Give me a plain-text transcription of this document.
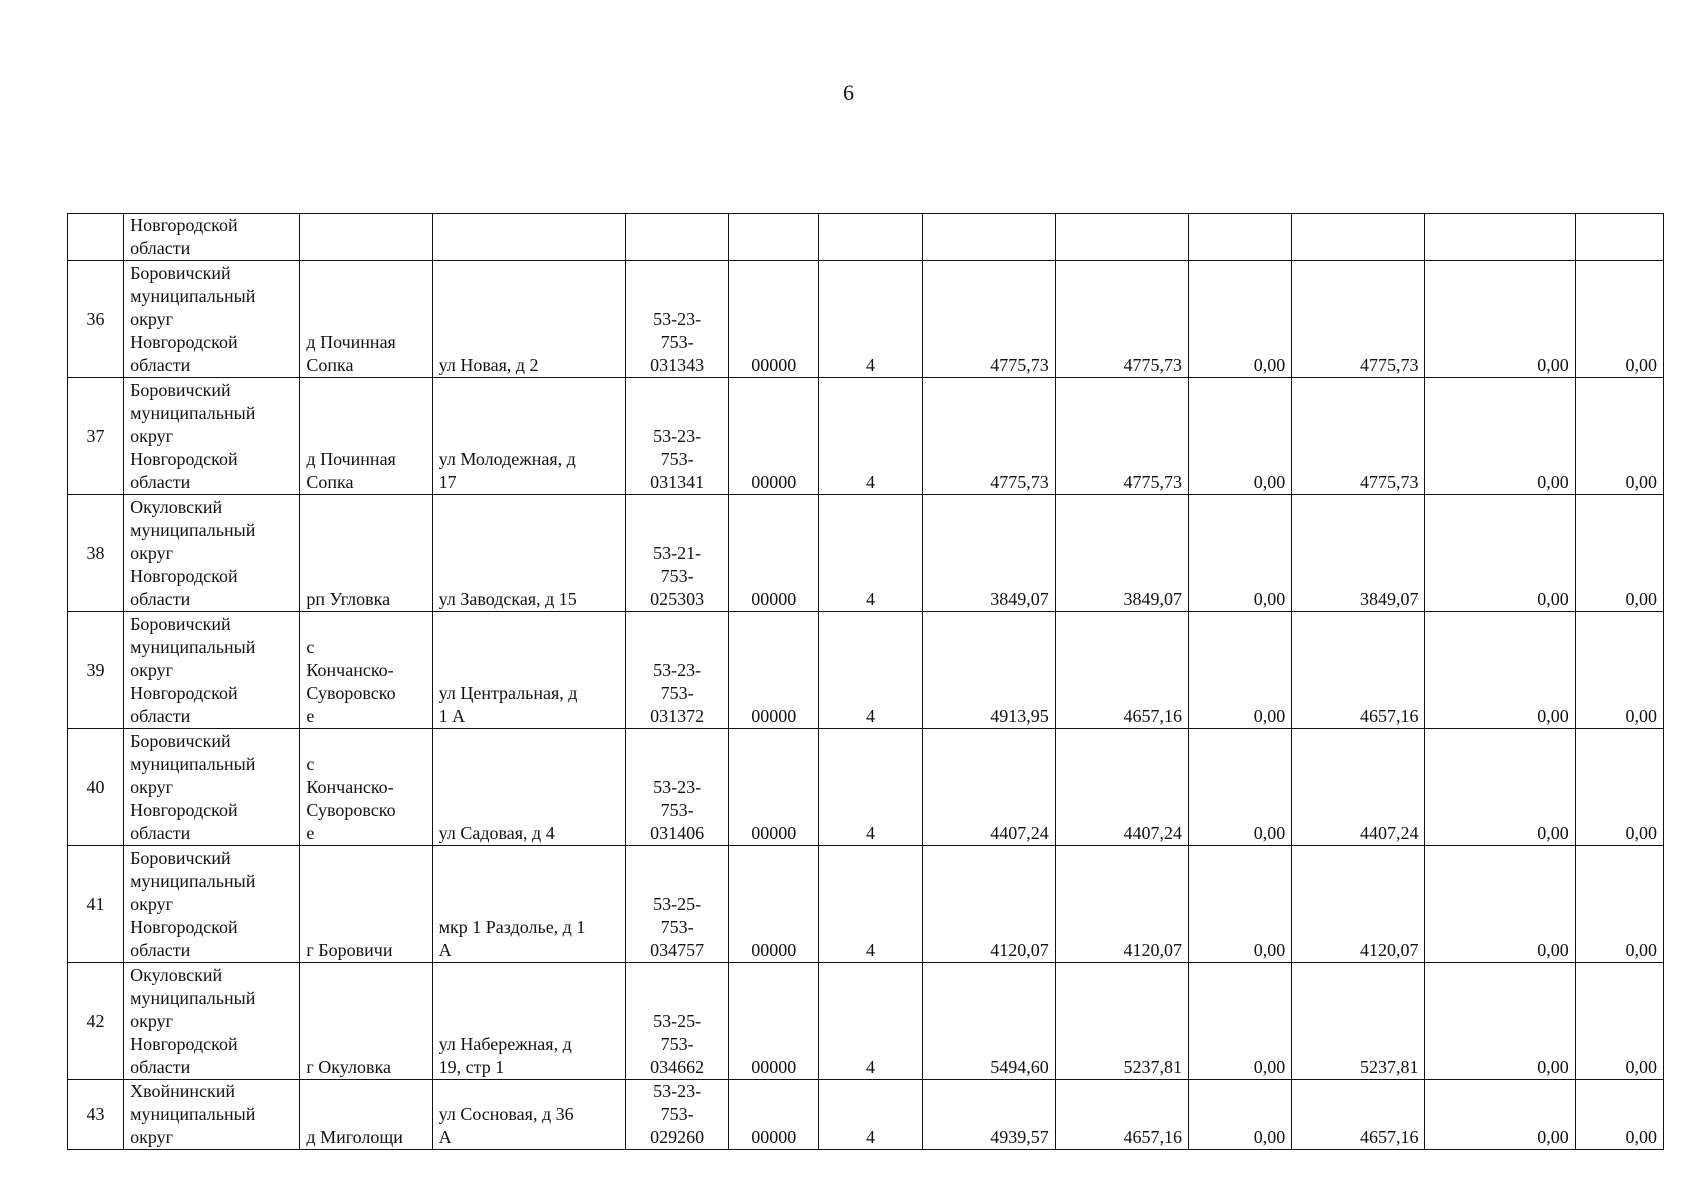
6
	Новгородской
области											
36	Боровичский
муниципальный
округ
Новгородской
области	д Починная
Сопка	ул Новая, д 2	53-23-
753-
031343	00000	4	4775,73	4775,73	0,00	4775,73	0,00	0,00
37	Боровичский
муниципальный
округ
Новгородской
области	д Починная
Сопка	ул Молодежная, д
17	53-23-
753-
031341	00000	4	4775,73	4775,73	0,00	4775,73	0,00	0,00
38	Окуловский
муниципальный
округ
Новгородской
области	рп Угловка	ул Заводская, д 15	53-21-
753-
025303	00000	4	3849,07	3849,07	0,00	3849,07	0,00	0,00
39	Боровичский
муниципальный
округ
Новгородской
области	с
Кончанско-
Суворовско
е	ул Центральная, д
1 А	53-23-
753-
031372	00000	4	4913,95	4657,16	0,00	4657,16	0,00	0,00
40	Боровичский
муниципальный
округ
Новгородской
области	с
Кончанско-
Суворовско
е	ул Садовая, д 4	53-23-
753-
031406	00000	4	4407,24	4407,24	0,00	4407,24	0,00	0,00
41	Боровичский
муниципальный
округ
Новгородской
области	г Боровичи	мкр 1 Раздолье, д 1
А	53-25-
753-
034757	00000	4	4120,07	4120,07	0,00	4120,07	0,00	0,00
42	Окуловский
муниципальный
округ
Новгородской
области	г Окуловка	ул Набережная, д
19, стр 1	53-25-
753-
034662	00000	4	5494,60	5237,81	0,00	5237,81	0,00	0,00
43	Хвойнинский
муниципальный
округ	д Миголощи	ул Сосновая, д 36
А	53-23-
753-
029260	00000	4	4939,57	4657,16	0,00	4657,16	0,00	0,00
